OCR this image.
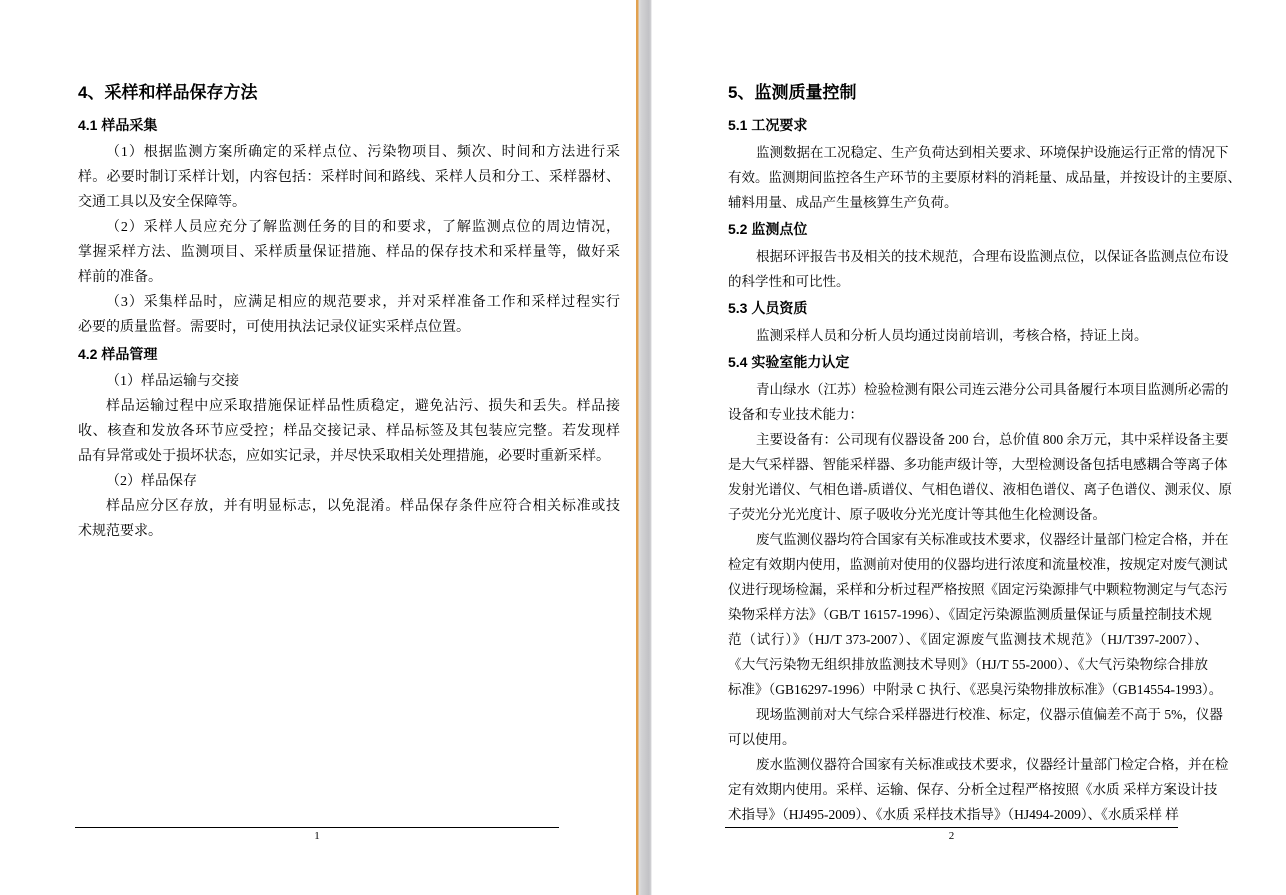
4、采样和样品保存方法
4.1 样品采集
（1）根据监测方案所确定的采样点位、污染物项目、频次、时间和方法进行采
样。必要时制订采样计划，内容包括：采样时间和路线、采样人员和分工、采样器材、
交通工具以及安全保障等。
（2）采样人员应充分了解监测任务的目的和要求，了解监测点位的周边情况，
掌握采样方法、监测项目、采样质量保证措施、样品的保存技术和采样量等，做好采
样前的准备。
（3）采集样品时，应满足相应的规范要求，并对采样准备工作和采样过程实行
必要的质量监督。需要时，可使用执法记录仪证实采样点位置。
4.2 样品管理
（1）样品运输与交接
样品运输过程中应采取措施保证样品性质稳定，避免沾污、损失和丢失。样品接
收、核查和发放各环节应受控；样品交接记录、样品标签及其包装应完整。若发现样
品有异常或处于损坏状态，应如实记录，并尽快采取相关处理措施，必要时重新采样。
（2）样品保存
样品应分区存放，并有明显标志，以免混淆。样品保存条件应符合相关标准或技
术规范要求。
1
5、监测质量控制
5.1 工况要求
监测数据在工况稳定、生产负荷达到相关要求、环境保护设施运行正常的情况下
有效。监测期间监控各生产环节的主要原材料的消耗量、成品量，并按设计的主要原、
辅料用量、成品产生量核算生产负荷。
5.2 监测点位
根据环评报告书及相关的技术规范，合理布设监测点位，以保证各监测点位布设
的科学性和可比性。
5.3 人员资质
监测采样人员和分析人员均通过岗前培训，考核合格，持证上岗。
5.4 实验室能力认定
青山绿水（江苏）检验检测有限公司连云港分公司具备履行本项目监测所必需的
设备和专业技术能力：
主要设备有：公司现有仪器设备 200 台，总价值 800 余万元，其中采样设备主要
是大气采样器、智能采样器、多功能声级计等，大型检测设备包括电感耦合等离子体
发射光谱仪、气相色谱-质谱仪、气相色谱仪、液相色谱仪、离子色谱仪、测汞仪、原
子荧光分光光度计、原子吸收分光光度计等其他生化检测设备。
废气监测仪器均符合国家有关标准或技术要求，仪器经计量部门检定合格，并在
检定有效期内使用，监测前对使用的仪器均进行浓度和流量校准，按规定对废气测试
仪进行现场检漏，采样和分析过程严格按照《固定污染源排气中颗粒物测定与气态污
染物采样方法》（GB/T 16157-1996）、《固定污染源监测质量保证与质量控制技术规
范（试行）》（HJ/T 373-2007）、《固定源废气监测技术规范》（HJ/T397-2007）、
《大气污染物无组织排放监测技术导则》（HJ/T 55-2000）、《大气污染物综合排放
标准》（GB16297-1996）中附录 C 执行、《恶臭污染物排放标准》（GB14554-1993）。
现场监测前对大气综合采样器进行校准、标定，仪器示值偏差不高于 5%，仪器
可以使用。
废水监测仪器符合国家有关标准或技术要求，仪器经计量部门检定合格，并在检
定有效期内使用。采样、运输、保存、分析全过程严格按照《水质 采样方案设计技
术指导》（HJ495-2009）、《水质 采样技术指导》（HJ494-2009）、《水质采样 样
2
